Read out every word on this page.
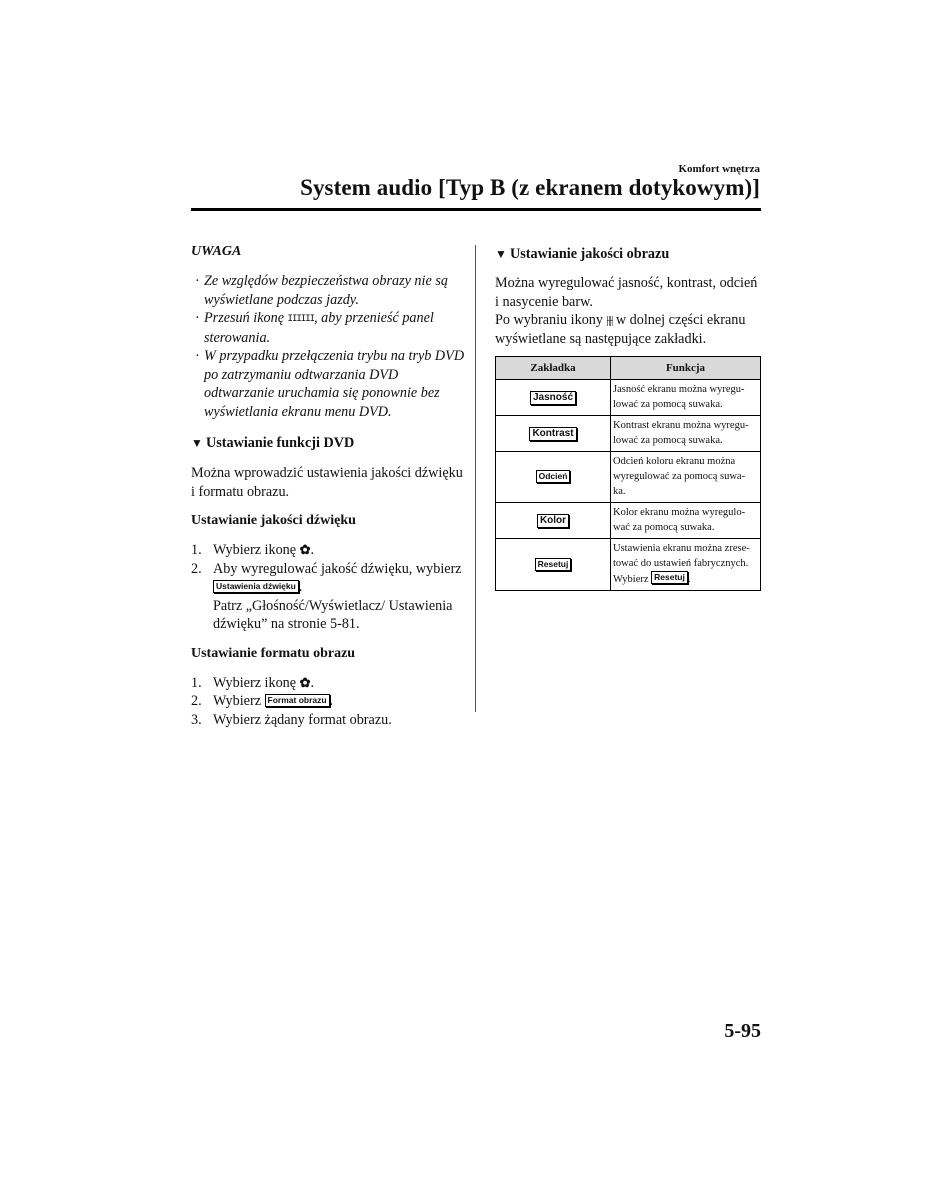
Komfort wnętrza
System audio [Typ B (z ekranem dotykowym)]
UWAGA
· Ze względów bezpieczeństwa obrazy nie są wyświetlane podczas jazdy.
· Przesuń ikonę IIIIII, aby przenieść panel sterowania.
· W przypadku przełączenia trybu na tryb DVD po zatrzymaniu odtwarzania DVD odtwarzanie uruchamia się ponownie bez wyświetlania ekranu menu DVD.
▼ Ustawianie funkcji DVD

Można wprowadzić ustawienia jakości dźwięku i formatu obrazu.

Ustawianie jakości dźwięku
1. Wybierz ikonę ✿.
2. Aby wyregulować jakość dźwięku, wybierz Ustawienia dźwięku .
Patrz „Głośność/Wyświetlacz/ Ustawienia dźwięku” na stronie 5-81.
Ustawianie formatu obrazu
1. Wybierz ikonę ✿.
2. Wybierz Format obrazu .
3. Wybierz żądany format obrazu.
▼ Ustawianie jakości obrazu

Można wyregulować jasność, kontrast, odcień i nasycenie barw.

Po wybraniu ikony ⫲⫲ w dolnej części ekranu wyświetlane są następujące zakładki.

Zakładka	Funkcja
Jasność	Jasność ekranu można wyregu-lować za pomocą suwaka.
Kontrast	Kontrast ekranu można wyregu-lować za pomocą suwaka.
Odcień	Odcień koloru ekranu można wyregulować za pomocą suwa-ka.
Kolor	Kolor ekranu można wyregulo-wać za pomocą suwaka.
Resetuj	Ustawienia ekranu można zrese-tować do ustawień fabrycznych. Wybierz Resetuj .
5-95
